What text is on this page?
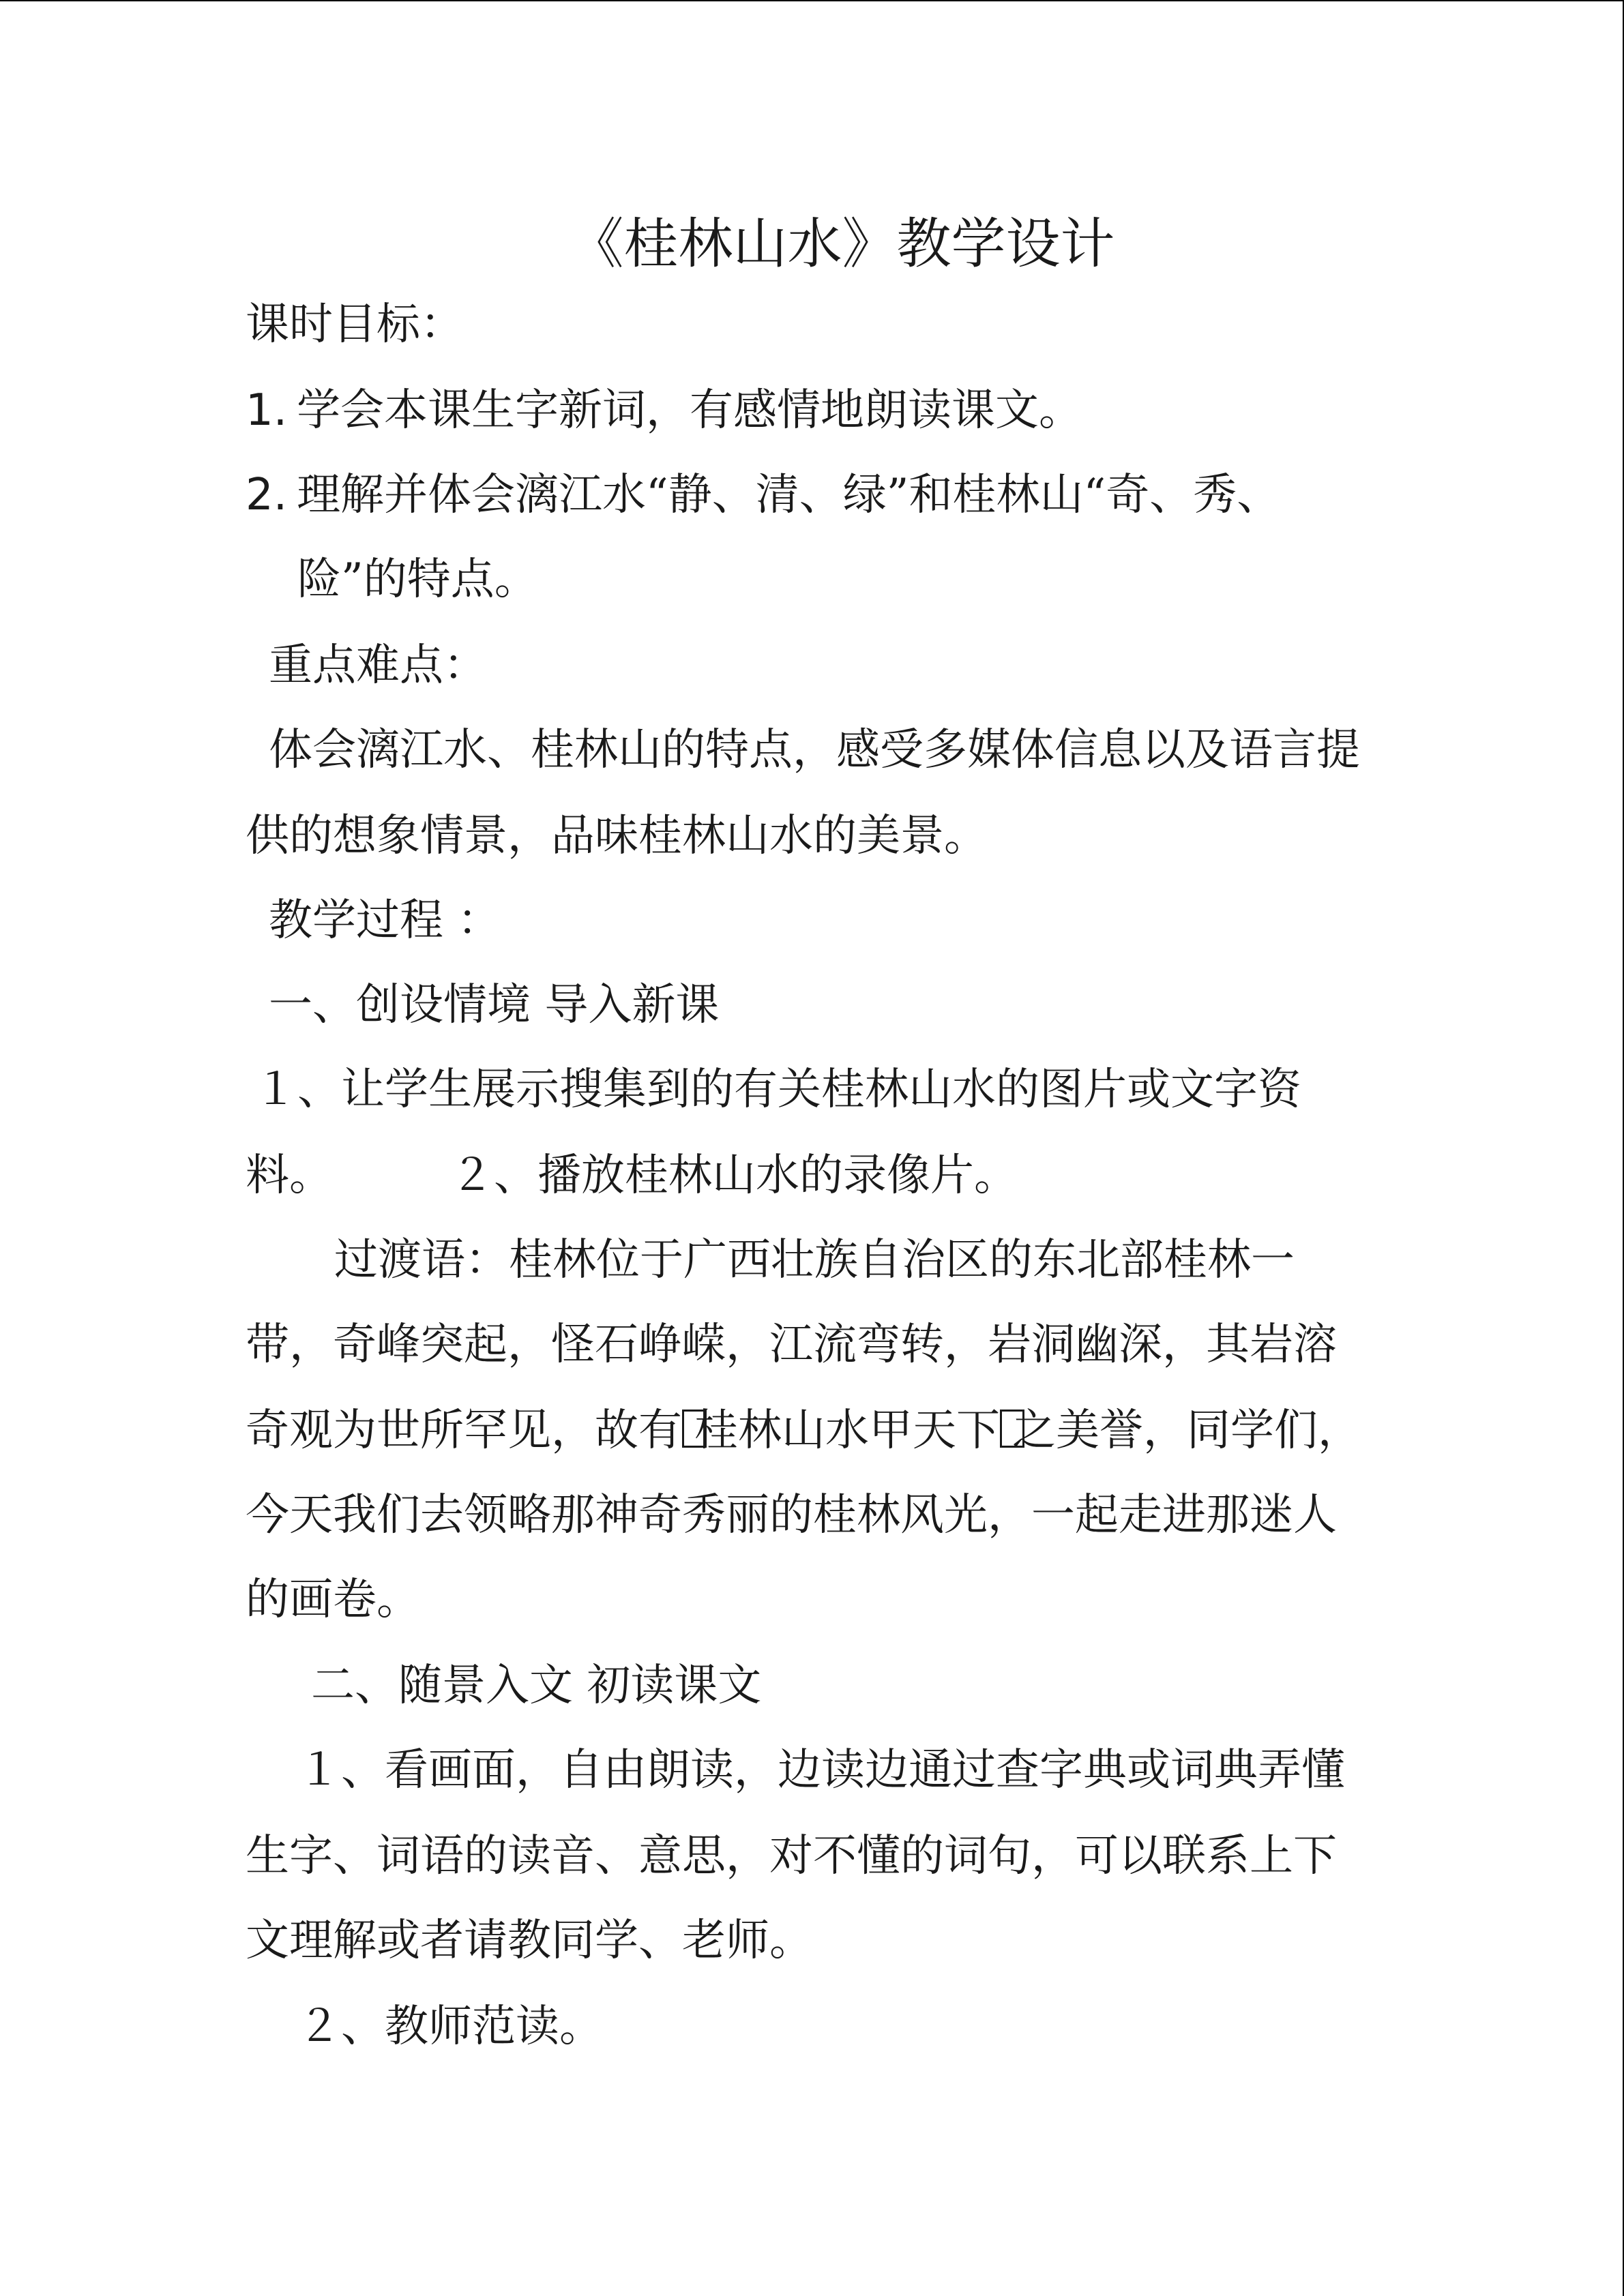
《桂林山水》教学设计
课时目标：
1. 学会本课生字新词，有感情地朗读课文。
2. 理解并体会漓江水“静、清、绿”和桂林山“奇、秀、
险”的特点。
重点难点：
体会漓江水、桂林山的特点，感受多媒体信息以及语言提
供的想象情景，品味桂林山水的美景。
教学过程 ：
一、创设情境 导入新课
１、让学生展示搜集到的有关桂林山水的图片或文字资
料。	２、播放桂林山水的录像片。
过渡语：桂林位于广西壮族自治区的东北部桂林一
带，奇峰突起，怪石峥嵘，江流弯转，岩洞幽深，其岩溶
奇观为世所罕见，故有 桂林山水甲天下 之美誉，同学们，
今天我们去领略那神奇秀丽的桂林风光，一起走进那迷人
的画卷。
二、随景入文 初读课文
１、看画面，自由朗读，边读边通过查字典或词典弄懂
生字、词语的读音、意思，对不懂的词句，可以联系上下
文理解或者请教同学、老师。
２、教师范读。
